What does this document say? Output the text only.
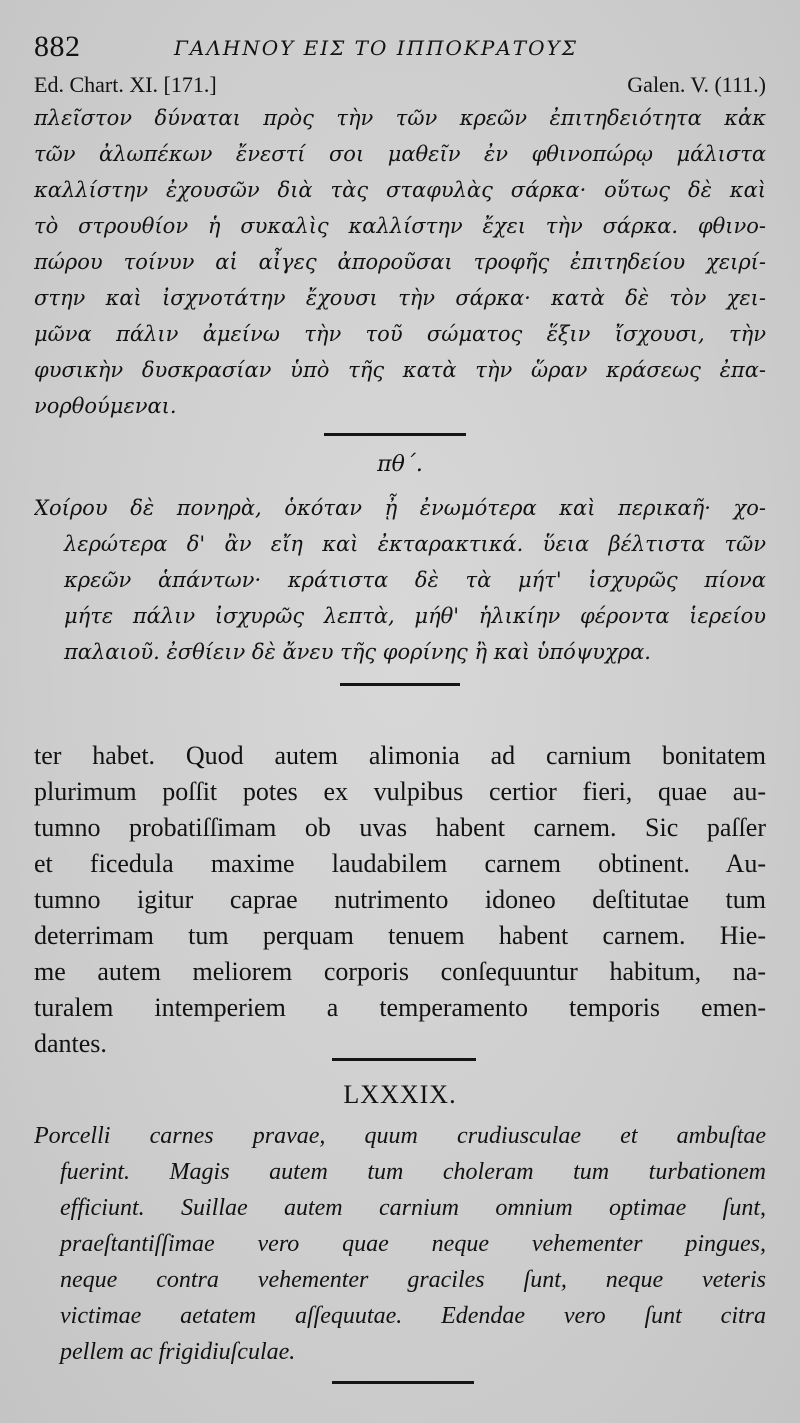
882	ΓΑΛΗΝΟΥ ΕΙΣ ΤΟ ΙΠΠΟΚΡΑΤΟΥΣ
Ed. Chart. XI. [171.]	Galen. V. (111.)
πλεῖστον δύναται πρὸς τὴν τῶν κρεῶν ἐπιτηδειότητα κἀκ
τῶν ἀλωπέκων ἔνεστί σοι μαθεῖν ἐν φθινοπώρῳ μάλιστα
καλλίστην ἐχουσῶν διὰ τὰς σταφυλὰς σάρκα· οὕτως δὲ καὶ
τὸ στρουθίον ἡ συκαλὶς καλλίστην ἔχει τὴν σάρκα. φθινο-
πώρου τοίνυν αἱ αἶγες ἀποροῦσαι τροφῆς ἐπιτηδείου χειρί-
στην καὶ ἰσχνοτάτην ἔχουσι τὴν σάρκα· κατὰ δὲ τὸν χει-
μῶνα πάλιν ἀμείνω τὴν τοῦ σώματος ἕξιν ἴσχουσι, τὴν
φυσικὴν δυσκρασίαν ὑπὸ τῆς κατὰ τὴν ὥραν κράσεως ἐπα-
νορθούμεναι.
πθ΄.
Χοίρου δὲ πονηρὰ, ὁκόταν ᾖ ἐνωμότερα καὶ περικαῆ· χο-
λερώτερα δ' ἂν εἴη καὶ ἐκταρακτικά. ὕεια βέλτιστα τῶν
κρεῶν ἁπάντων· κράτιστα δὲ τὰ μήτ' ἰσχυρῶς πίονα
μήτε πάλιν ἰσχυρῶς λεπτὰ, μήθ' ἡλικίην φέροντα ἱερείου
παλαιοῦ. ἐσθίειν δὲ ἄνευ τῆς φορίνης ἢ καὶ ὑπόψυχρα.
ter habet. Quod autem alimonia ad carnium bonitatem
plurimum poſſit potes ex vulpibus certior fieri, quae au-
tumno probatiſſimam ob uvas habent carnem. Sic paſſer
et ficedula maxime laudabilem carnem obtinent. Au-
tumno igitur caprae nutrimento idoneo deſtitutae tum
deterrimam tum perquam tenuem habent carnem. Hie-
me autem meliorem corporis conſequuntur habitum, na-
turalem intemperiem a temperamento temporis emen-
dantes.
LXXXIX.
Porcelli carnes pravae, quum crudiusculae et ambuſtae
fuerint. Magis autem tum choleram tum turbationem
efficiunt. Suillae autem carnium omnium optimae ſunt,
praeſtantiſſimae vero quae neque vehementer pingues,
neque contra vehementer graciles ſunt, neque veteris
victimae aetatem aſſequutae. Edendae vero ſunt citra
pellem ac frigidiuſculae.
